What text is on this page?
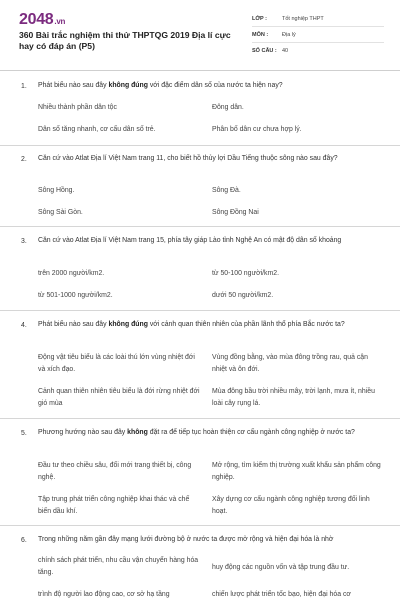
2048.vn
360 Bài trắc nghiệm thi thử THPTQG 2019 Địa lí cực hay có đáp án (P5)
LỚP :	Tốt nghiệp THPT
MÔN :	Địa lý
SỐ CÂU : 40
1. Phát biểu nào sau đây không đúng với đặc điểm dân số của nước ta hiện nay?
Nhiều thành phần dân tộc	Đông dân.
Dân số tăng nhanh, cơ cấu dân số trẻ.	Phân bố dân cư chưa hợp lý.
2. Căn cứ vào Atlat Địa lí Việt Nam trang 11, cho biết hồ thủy lợi Dầu Tiếng thuộc sông nào sau đây?
Sông Hồng.	Sông Đà.
Sông Sài Gòn.	Sông Đồng Nai
3. Căn cứ vào Atlat Địa lí Việt Nam trang 15, phía tây giáp Lào tỉnh Nghệ An có mật độ dân số khoảng
trên 2000 người/km2.	từ 50-100 người/km2.
từ 501-1000 người/km2.	dưới 50 người/km2.
4. Phát biểu nào sau đây không đúng với cảnh quan thiên nhiên của phần lãnh thổ phía Bắc nước ta?
Động vật tiêu biểu là các loài thú lớn vùng nhiệt đới và xích đạo.
Vùng đồng bằng, vào mùa đông trồng rau, quả cận nhiệt và ôn đới.
Cảnh quan thiên nhiên tiêu biểu là đới rừng nhiệt đới gió mùa
Mùa đông bầu trời nhiều mây, trời lạnh, mưa ít, nhiều loài cây rụng lá.
5. Phương hướng nào sau đây không đặt ra để tiếp tục hoàn thiện cơ cấu ngành công nghiệp ở nước ta?
Đầu tư theo chiều sâu, đổi mới trang thiết bị, công nghệ.
Mở rộng, tìm kiếm thị trường xuất khẩu sản phẩm công nghiệp.
Tập trung phát triển công nghiệp khai thác và chế biến dầu khí.
Xây dựng cơ cấu ngành công nghiệp tương đối linh hoạt.
6. Trong những năm gần đây mạng lưới đường bộ ở nước ta được mở rộng và hiện đại hóa là nhờ
chính sách phát triển, nhu cầu vận chuyển hàng hóa tăng.
huy động các nguồn vốn và tập trung đầu tư.
trình độ người lao động cao, cơ sở hạ tầng	chiến lược phát triển tốc bạo, hiện đại hóa cơ
